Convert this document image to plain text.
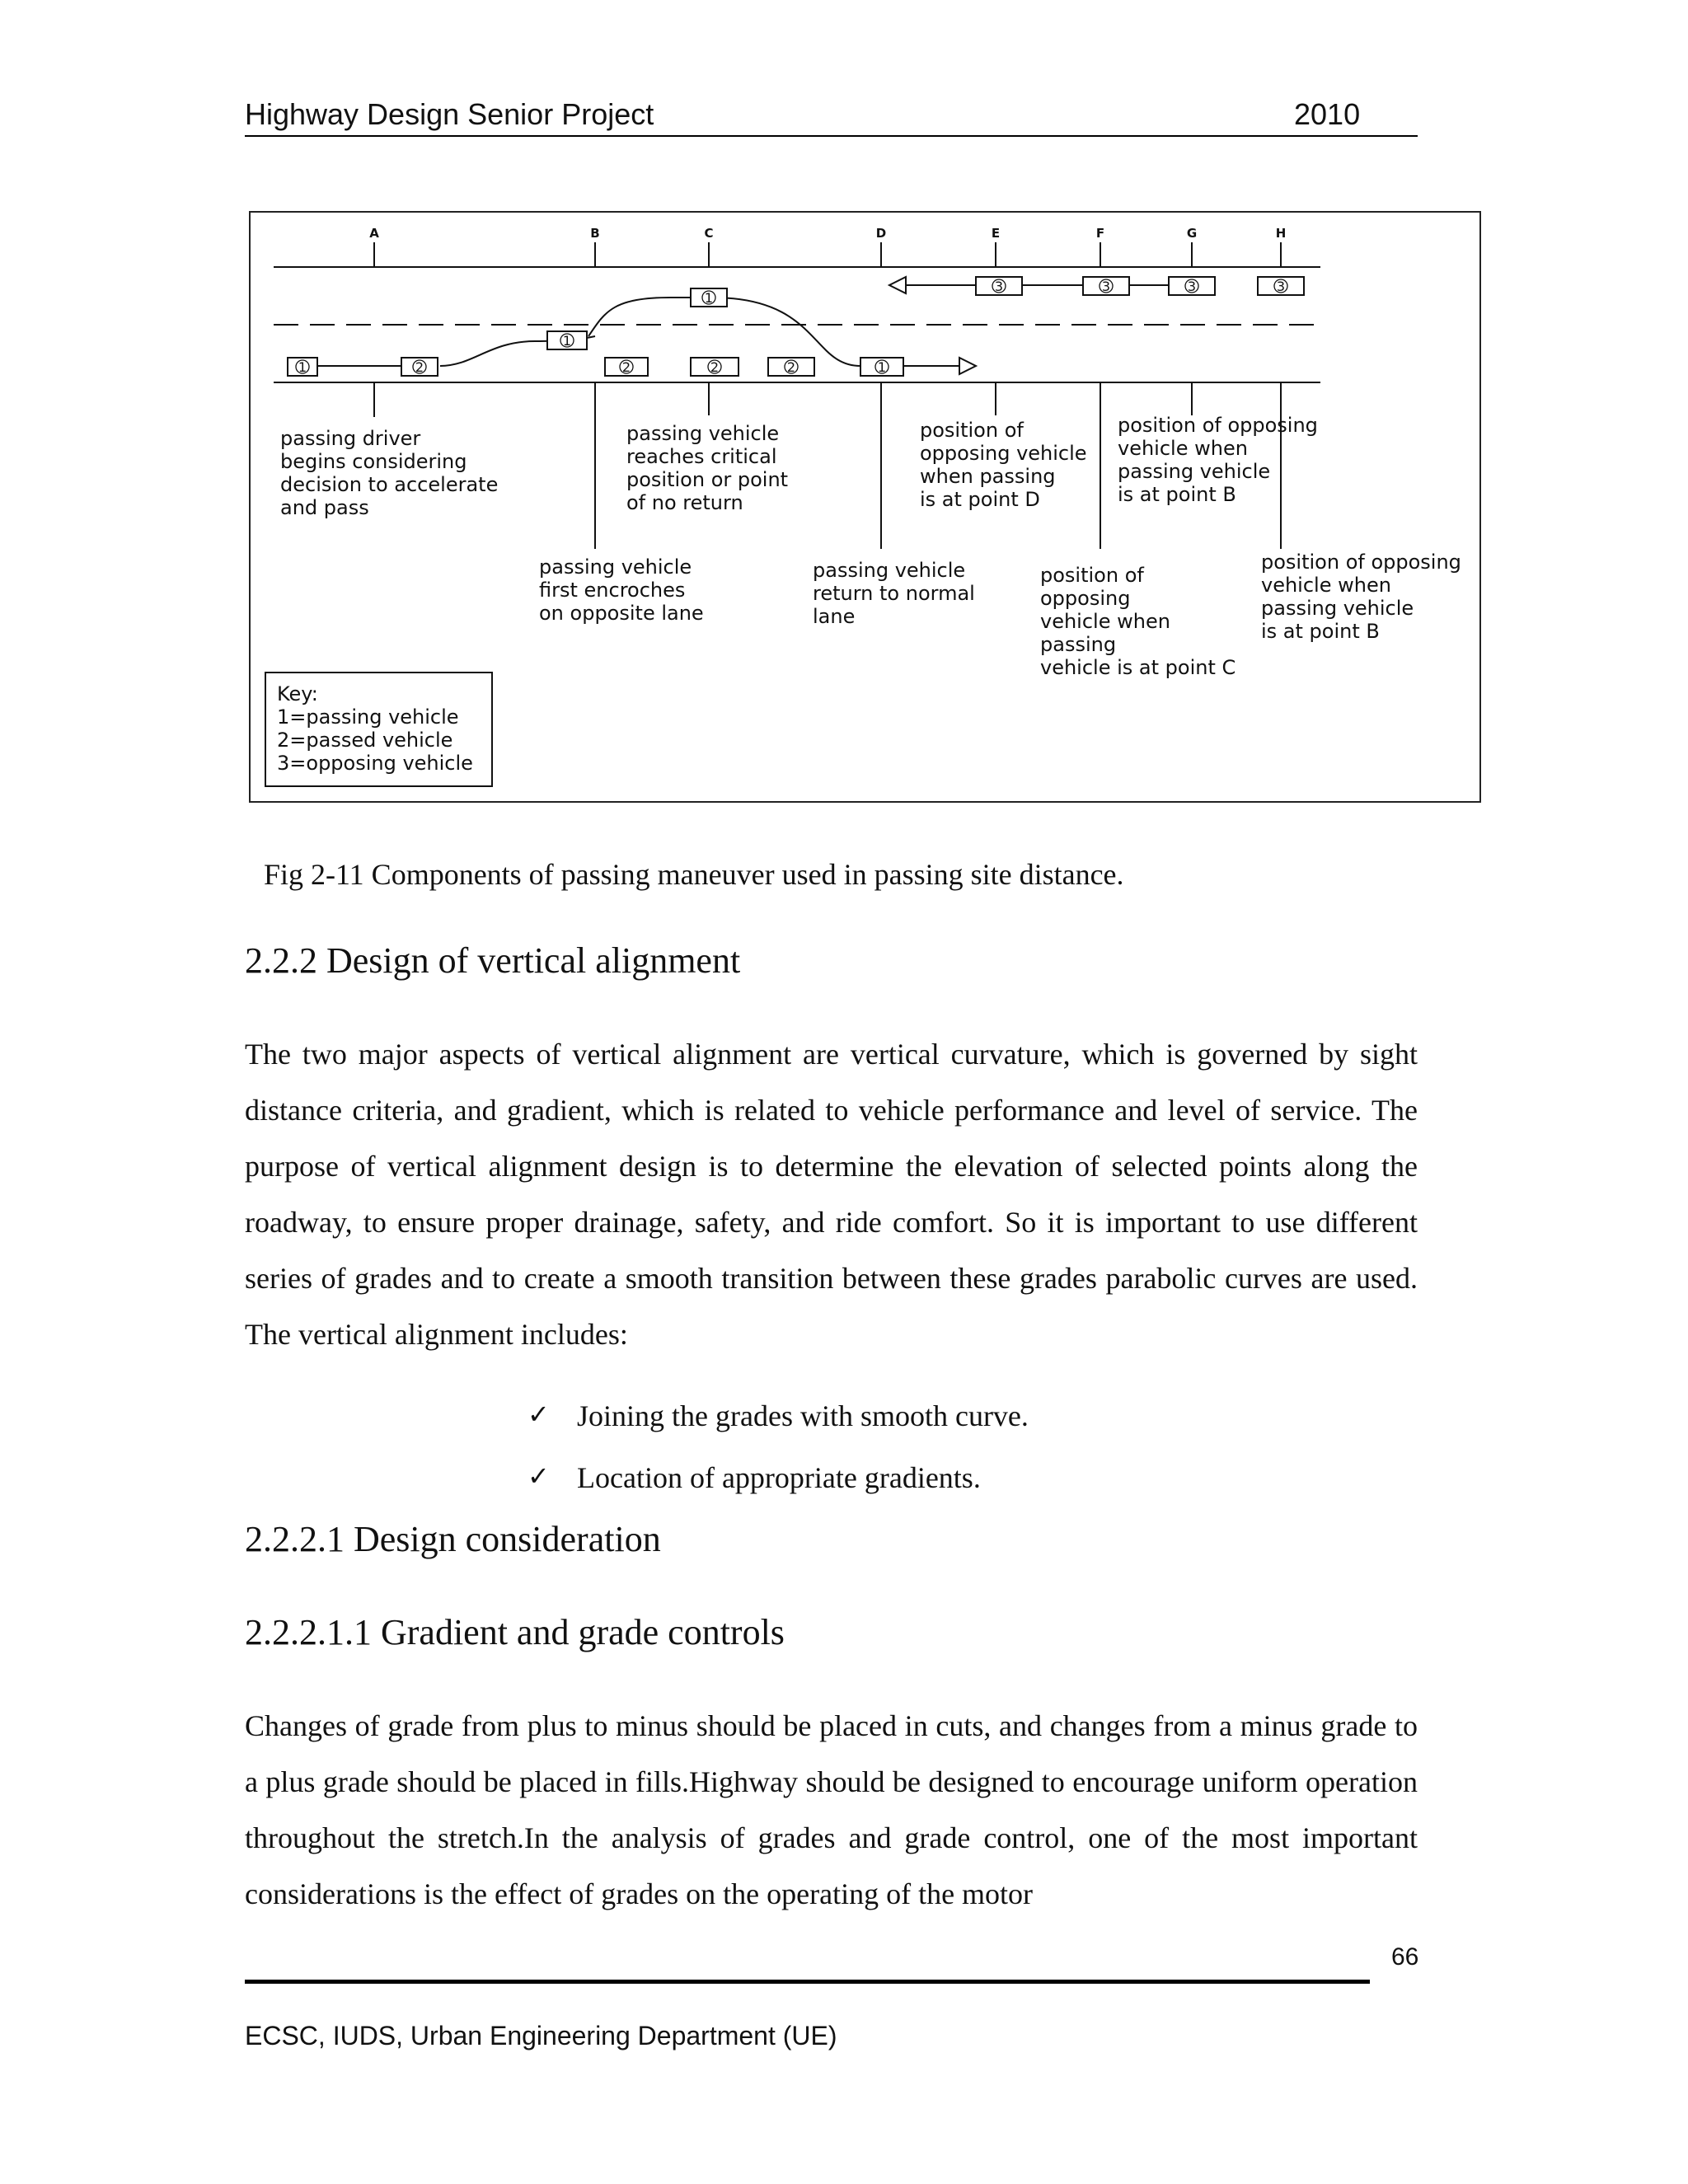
Highway Design Senior Project	2010
A	B	C	D	E	F	G	H
1	2
1
1
2	2	2	1
3	3	3	3
passing driver begins considering decision to accelerate and pass
passing vehicle first encroches on opposite lane
passing vehicle reaches critical position or point of no return
passing vehicle return to normal lane
position of opposing vehicle when passing is at point D
position of opposing vehicle when passing vehicle is at point C
position of opposing vehicle when passing vehicle is at point B
position of opposing vehicle when passing vehicle is at point B
Key: 1=passing vehicle 2=passed vehicle 3=opposing vehicle
Fig 2-11 Components of passing maneuver used in passing site distance.
2.2.2 Design of vertical alignment

The two major aspects of vertical alignment are vertical curvature, which is governed by sight distance criteria, and gradient, which is related to vehicle performance and level of service. The purpose of vertical alignment design is to determine the elevation of selected points along the roadway, to ensure proper drainage, safety, and ride comfort. So it is important to use different series of grades and to create a smooth transition between these grades parabolic curves are used. The vertical alignment includes:

✓ Joining the grades with smooth curve.
✓ Location of appropriate gradients.
2.2.2.1 Design consideration
2.2.2.1.1 Gradient and grade controls

Changes of grade from plus to minus should be placed in cuts, and changes from a minus grade to a plus grade should be placed in fills.Highway should be designed to encourage uniform operation throughout the stretch.In the analysis of grades and grade control, one of the most important considerations is the effect of grades on the operating of the motor

66
ECSC, IUDS, Urban Engineering Department (UE)
